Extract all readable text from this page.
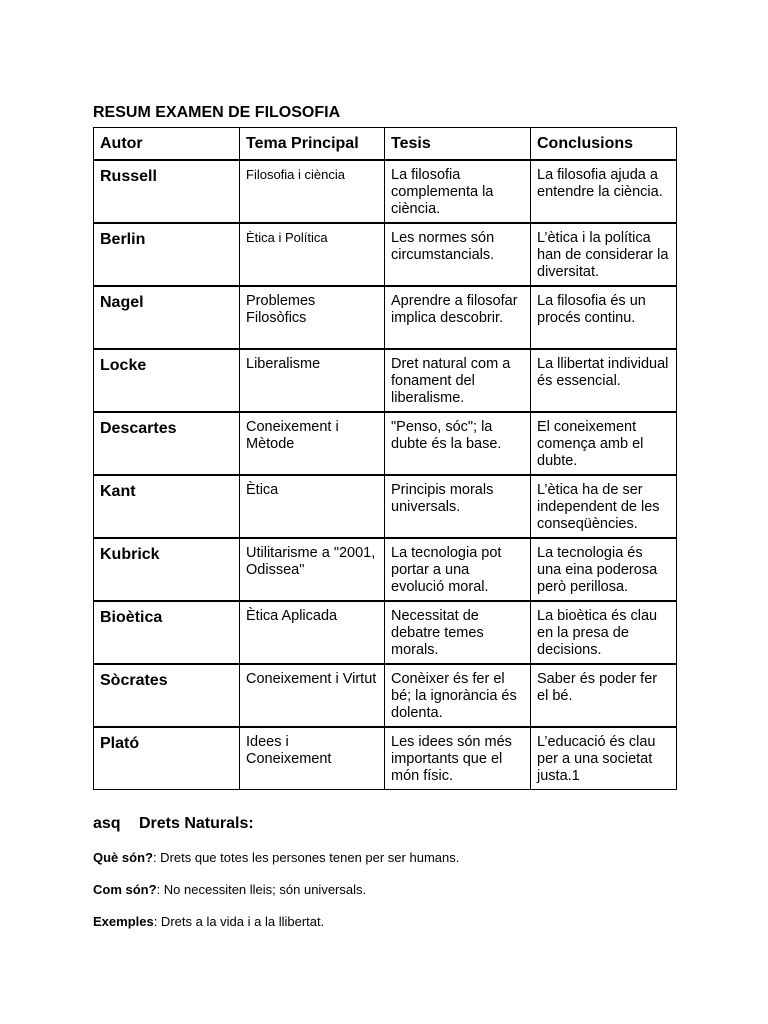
RESUM EXAMEN DE FILOSOFIA
Autor	Tema Principal	Tesis	Conclusions
Russell	Filosofia i ciència	La filosofia complementa la ciència.	La filosofia ajuda a entendre la ciència.
Berlin	Ètica i Política	Les normes són circumstancials.	L’ètica i la política han de considerar la diversitat.
Nagel	Problemes Filosòfics	Aprendre a filosofar implica descobrir.	La filosofia és un procés continu.
Locke	Liberalisme	Dret natural com a fonament del liberalisme.	La llibertat individual és essencial.
Descartes	Coneixement i Mètode	"Penso, sóc"; la dubte és la base.	El coneixement comença amb el dubte.
Kant	Ètica	Principis morals universals.	L’ètica ha de ser independent de les conseqüències.
Kubrick	Utilitarisme a "2001, Odissea"	La tecnologia pot portar a una evolució moral.	La tecnologia és una eina poderosa però perillosa.
Bioètica	Ètica Aplicada	Necessitat de debatre temes morals.	La bioètica és clau en la presa de decisions.
Sòcrates	Coneixement i Virtut	Conèixer és fer el bé; la ignorància és dolenta.	Saber és poder fer el bé.
Plató	Idees i Coneixement	Les idees són més importants que el món físic.	L’educació és clau per a una societat justa.1
asq Drets Naturals:
Què són?: Drets que totes les persones tenen per ser humans.
Com són?: No necessiten lleis; són universals.
Exemples: Drets a la vida i a la llibertat.
